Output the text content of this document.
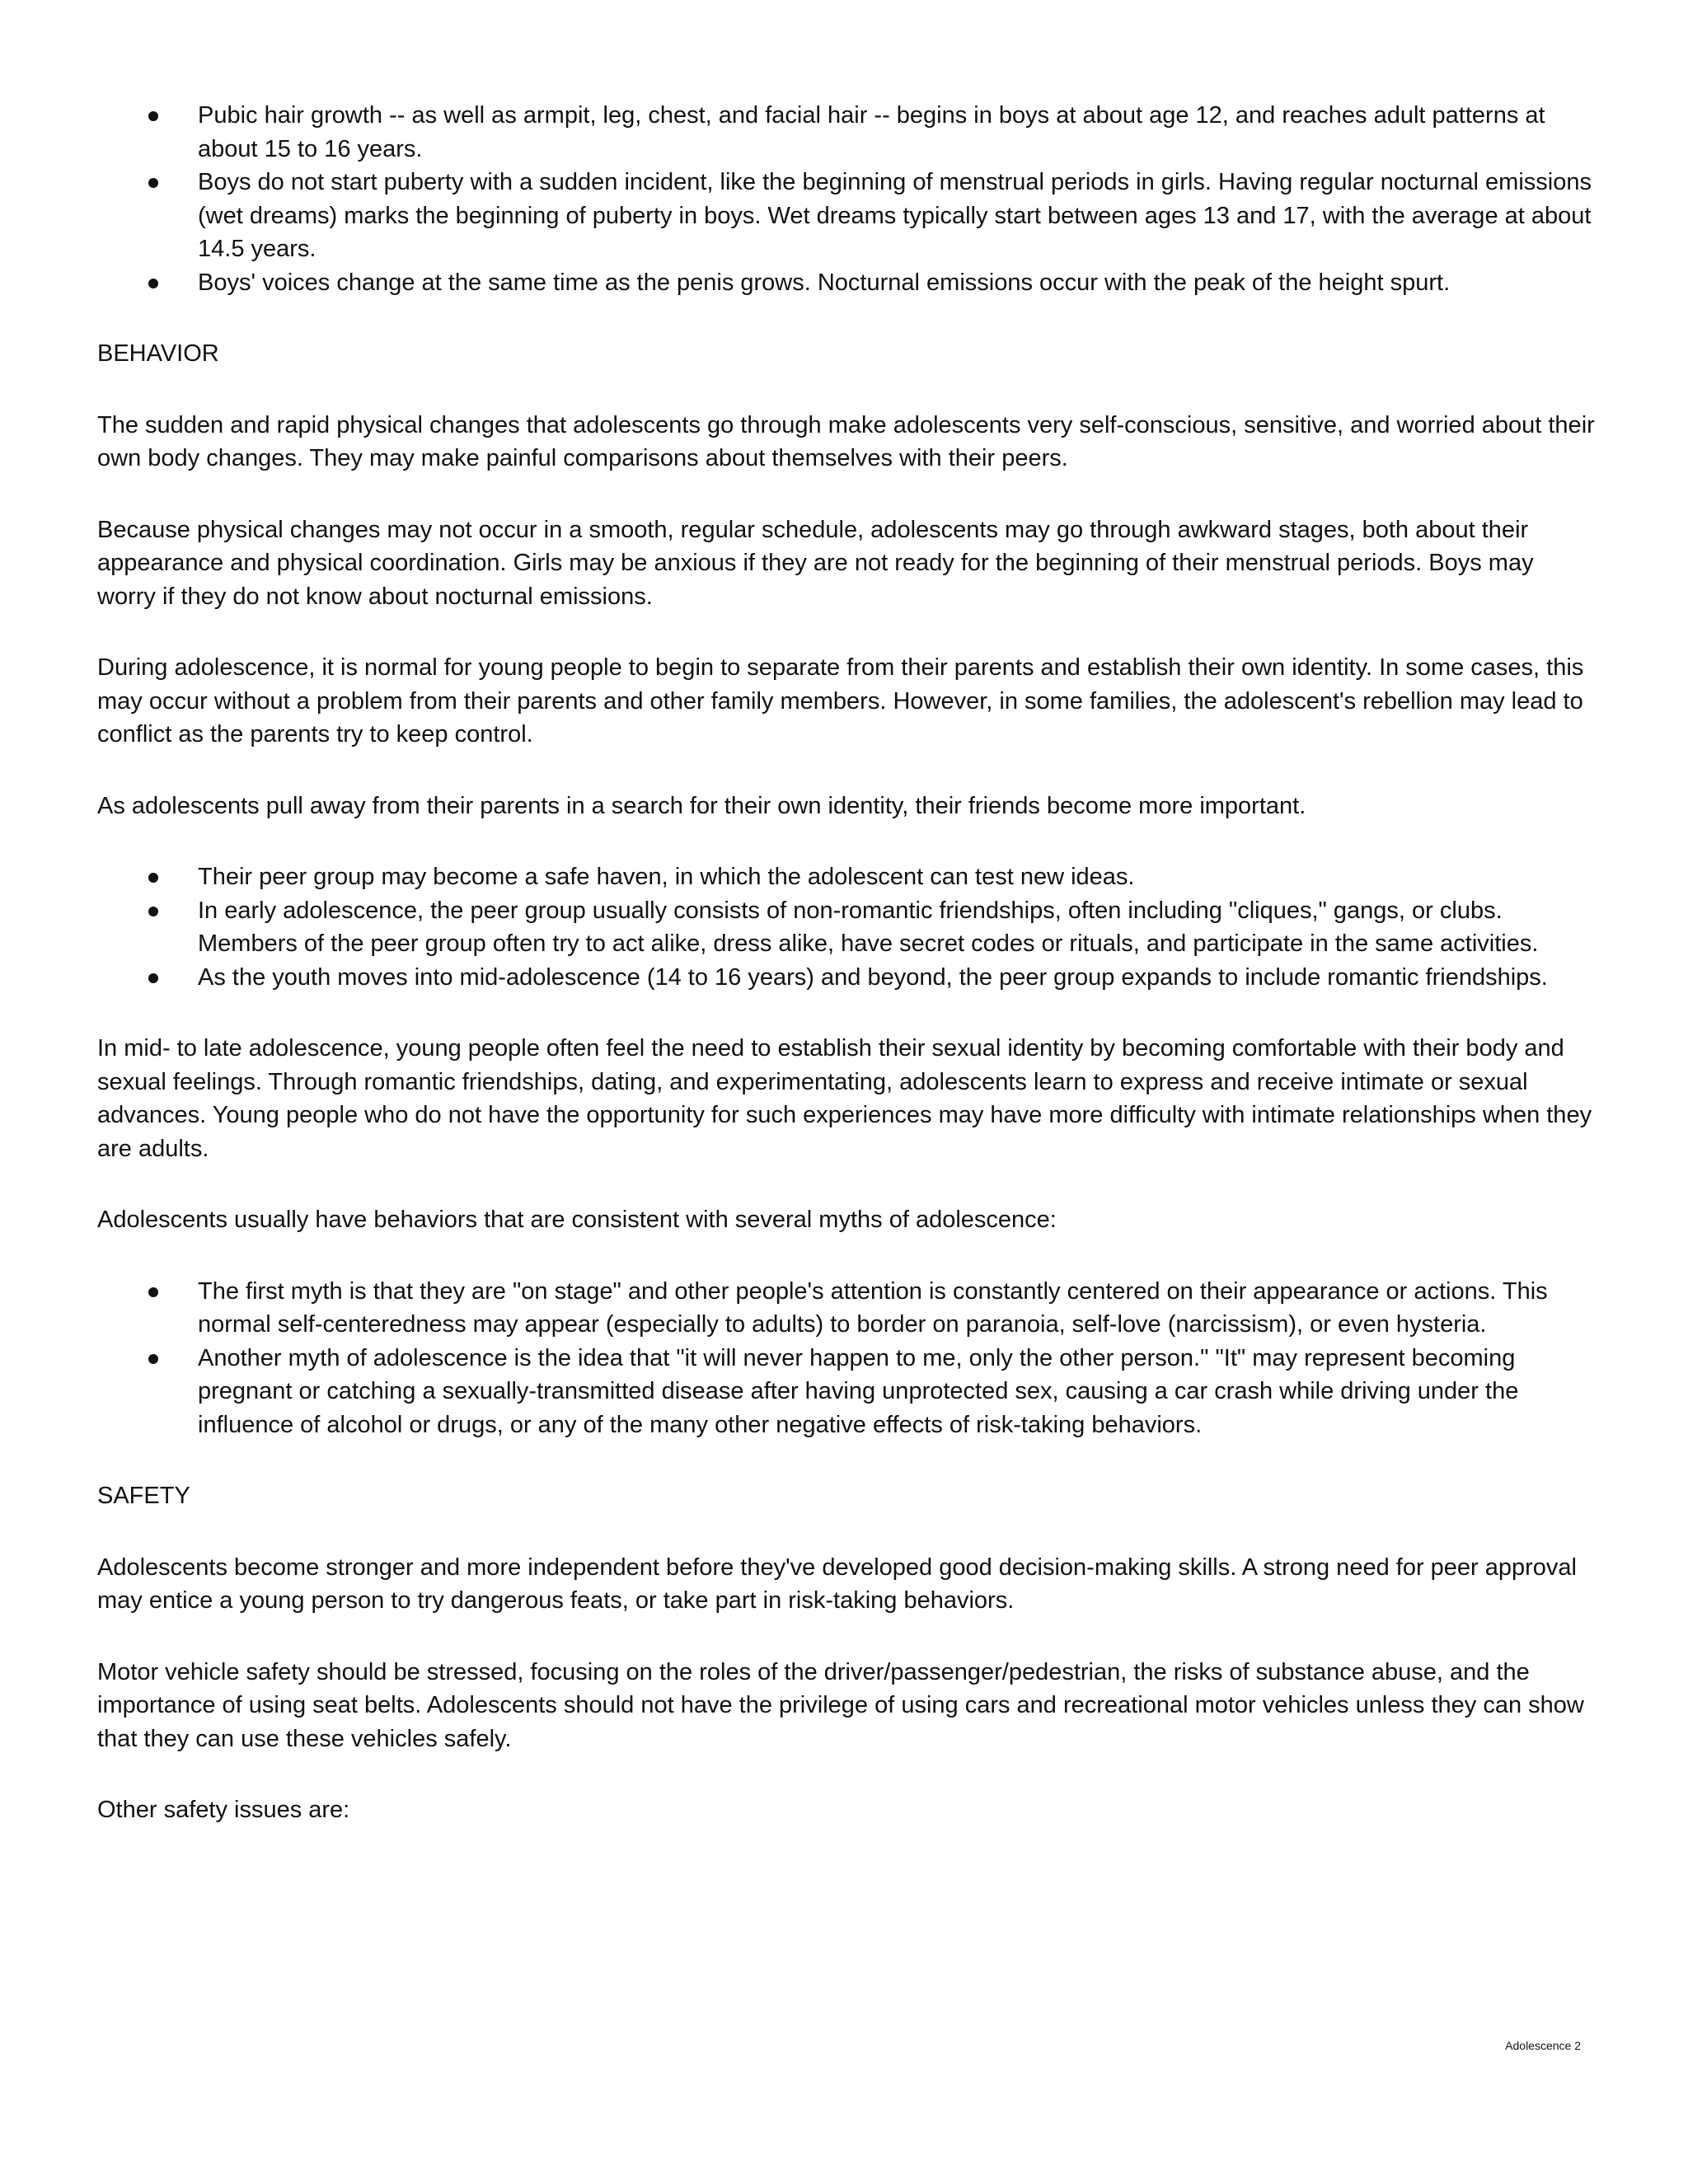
Pubic hair growth -- as well as armpit, leg, chest, and facial hair -- begins in boys at about age 12, and reaches adult patterns at about 15 to 16 years.
Boys do not start puberty with a sudden incident, like the beginning of menstrual periods in girls. Having regular nocturnal emissions (wet dreams) marks the beginning of puberty in boys. Wet dreams typically start between ages 13 and 17, with the average at about 14.5 years.
Boys' voices change at the same time as the penis grows. Nocturnal emissions occur with the peak of the height spurt.

BEHAVIOR

The sudden and rapid physical changes that adolescents go through make adolescents very self-conscious, sensitive, and worried about their own body changes. They may make painful comparisons about themselves with their peers.

Because physical changes may not occur in a smooth, regular schedule, adolescents may go through awkward stages, both about their appearance and physical coordination. Girls may be anxious if they are not ready for the beginning of their menstrual periods. Boys may worry if they do not know about nocturnal emissions.

During adolescence, it is normal for young people to begin to separate from their parents and establish their own identity. In some cases, this may occur without a problem from their parents and other family members. However, in some families, the adolescent's rebellion may lead to conflict as the parents try to keep control.

As adolescents pull away from their parents in a search for their own identity, their friends become more important.

Their peer group may become a safe haven, in which the adolescent can test new ideas.
In early adolescence, the peer group usually consists of non-romantic friendships, often including "cliques," gangs, or clubs. Members of the peer group often try to act alike, dress alike, have secret codes or rituals, and participate in the same activities.
As the youth moves into mid-adolescence (14 to 16 years) and beyond, the peer group expands to include romantic friendships.

In mid- to late adolescence, young people often feel the need to establish their sexual identity by becoming comfortable with their body and sexual feelings. Through romantic friendships, dating, and experimentating, adolescents learn to express and receive intimate or sexual advances. Young people who do not have the opportunity for such experiences may have more difficulty with intimate relationships when they are adults.

Adolescents usually have behaviors that are consistent with several myths of adolescence:

The first myth is that they are "on stage" and other people's attention is constantly centered on their appearance or actions. This normal self-centeredness may appear (especially to adults) to border on paranoia, self-love (narcissism), or even hysteria.
Another myth of adolescence is the idea that "it will never happen to me, only the other person." "It" may represent becoming pregnant or catching a sexually-transmitted disease after having unprotected sex, causing a car crash while driving under the influence of alcohol or drugs, or any of the many other negative effects of risk-taking behaviors.

SAFETY

Adolescents become stronger and more independent before they've developed good decision-making skills. A strong need for peer approval may entice a young person to try dangerous feats, or take part in risk-taking behaviors.

Motor vehicle safety should be stressed, focusing on the roles of the driver/passenger/pedestrian, the risks of substance abuse, and the importance of using seat belts. Adolescents should not have the privilege of using cars and recreational motor vehicles unless they can show that they can use these vehicles safely.

Other safety issues are:

Adolescence 2
